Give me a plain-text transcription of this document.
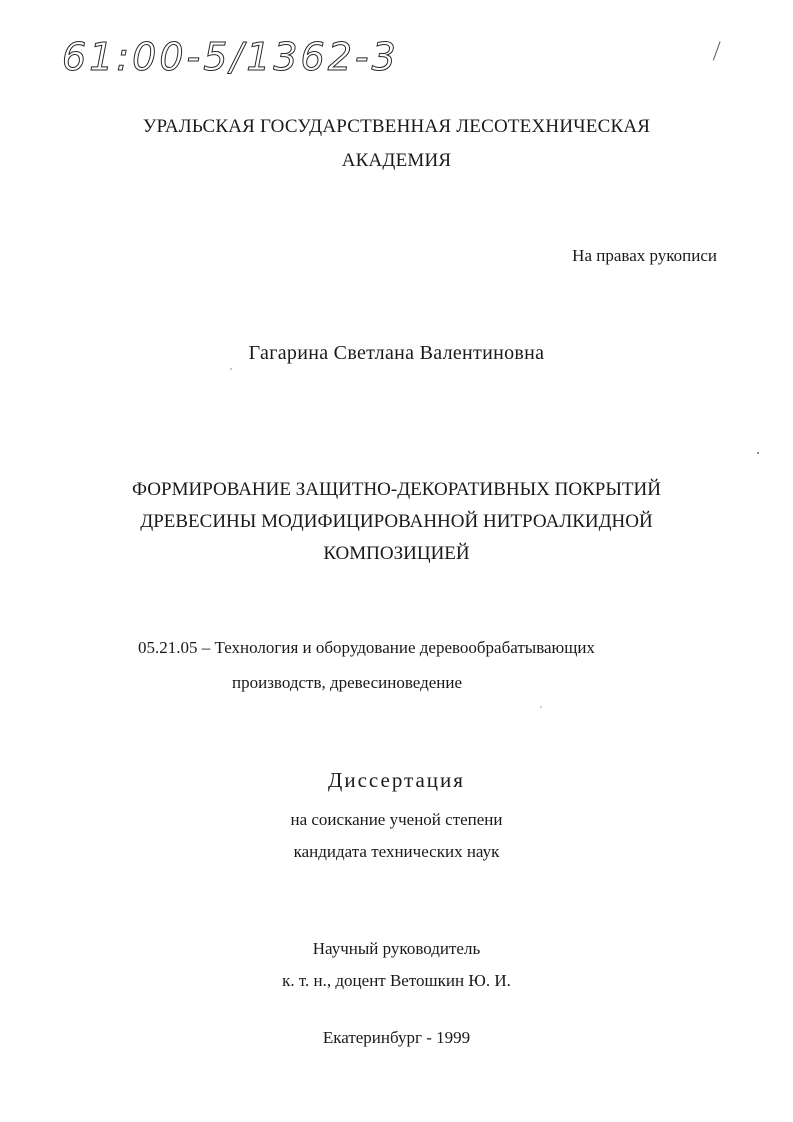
61:00-5/1362-3
УРАЛЬСКАЯ ГОСУДАРСТВЕННАЯ ЛЕСОТЕХНИЧЕСКАЯ
АКАДЕМИЯ
На правах рукописи
Гагарина Светлана Валентиновна
ФОРМИРОВАНИЕ ЗАЩИТНО-ДЕКОРАТИВНЫХ ПОКРЫТИЙ
ДРЕВЕСИНЫ МОДИФИЦИРОВАННОЙ НИТРОАЛКИДНОЙ
КОМПОЗИЦИЕЙ
05.21.05 – Технология и оборудование деревообрабатывающих
производств, древесиноведение
Диссертация
на соискание ученой степени
кандидата технических наук
Научный руководитель
к. т. н., доцент Ветошкин Ю. И.
Екатеринбург - 1999
